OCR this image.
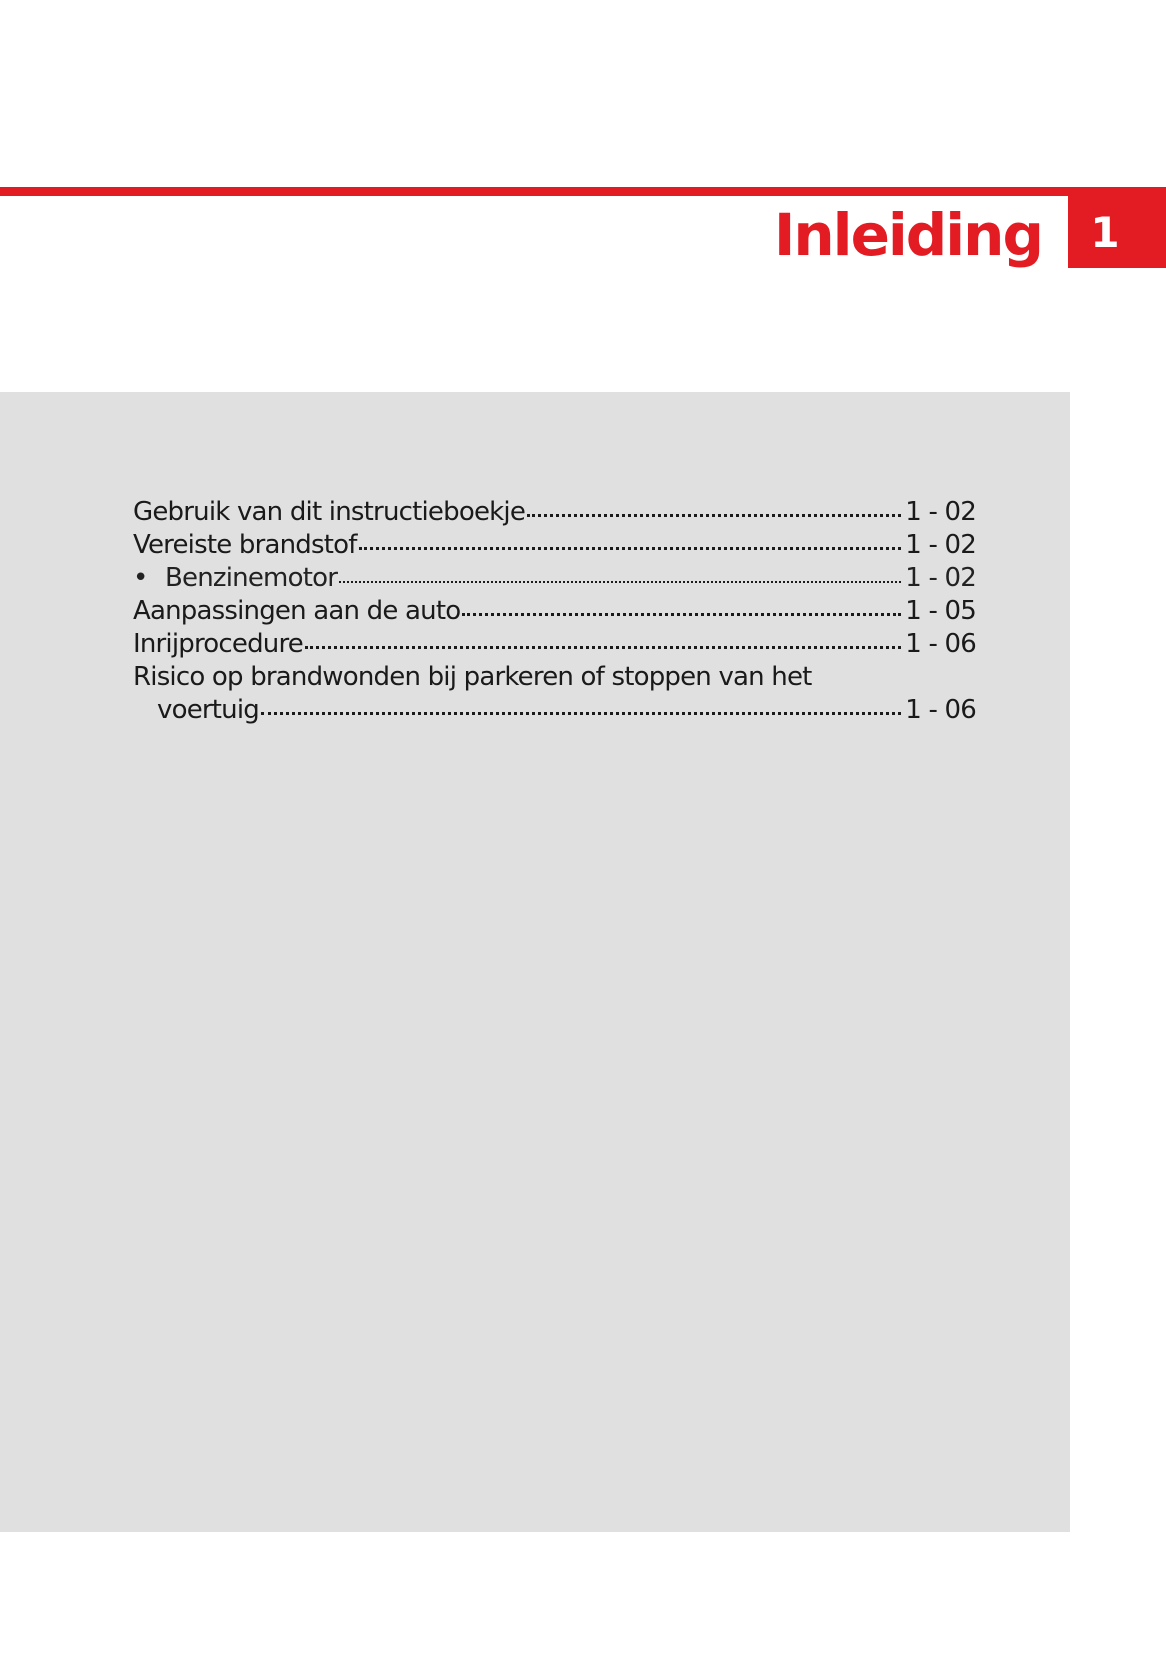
Inleiding	1
Gebruik van dit instructieboekje	1 - 02
Vereiste brandstof	1 - 02
• Benzinemotor	1 - 02
Aanpassingen aan de auto	1 - 05
Inrijprocedure	1 - 06
Risico op brandwonden bij parkeren of stoppen van het
voertuig	1 - 06
